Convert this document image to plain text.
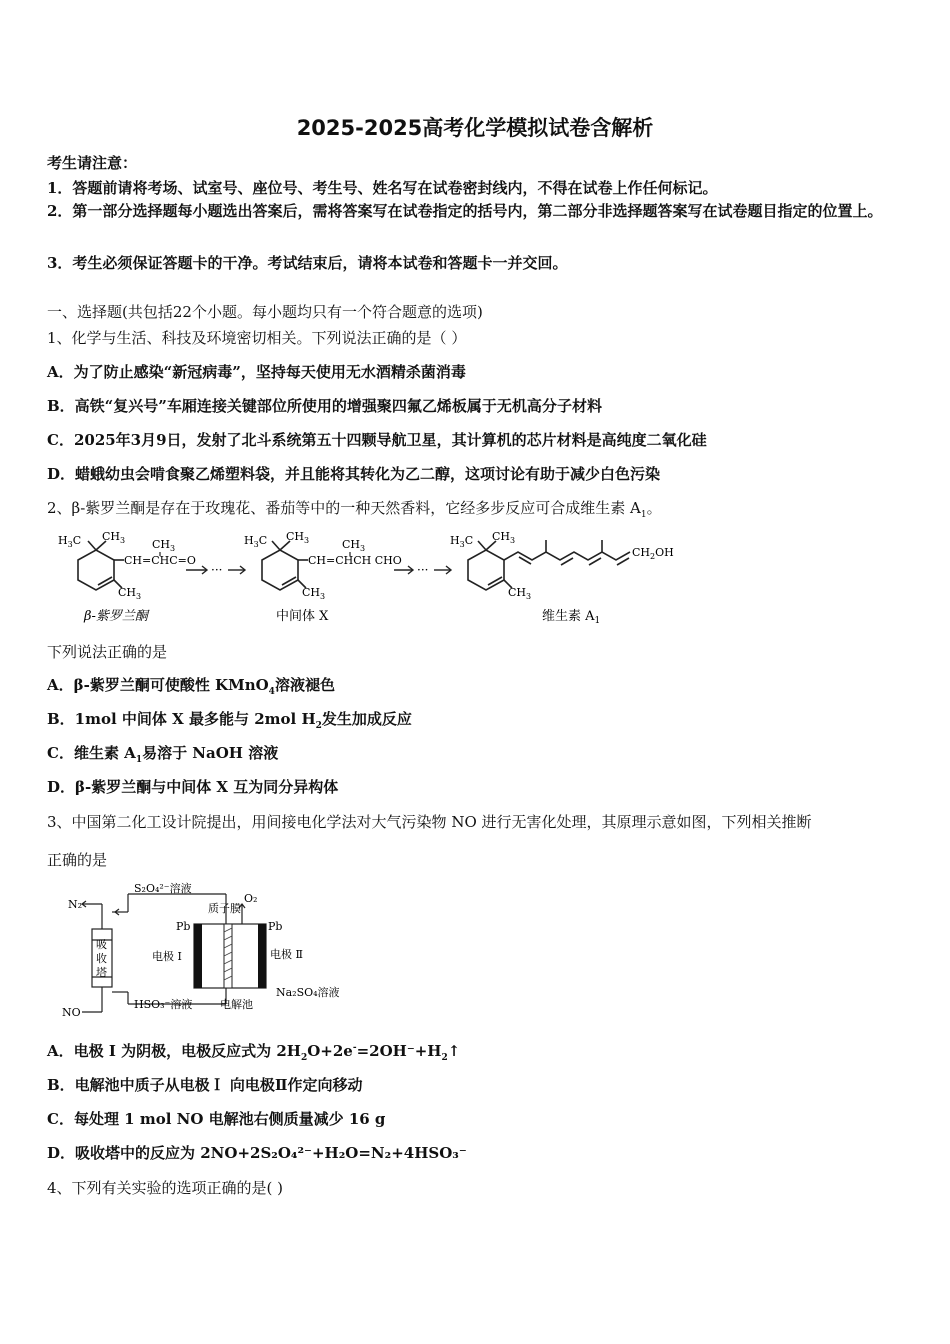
2025-2025高考化学模拟试卷含解析
考生请注意：
1．答题前请将考场、试室号、座位号、考生号、姓名写在试卷密封线内，不得在试卷上作任何标记。
2．第一部分选择题每小题选出答案后，需将答案写在试卷指定的括号内，第二部分非选择题答案写在试卷题目指定的位置上。
3．考生必须保证答题卡的干净。考试结束后，请将本试卷和答题卡一并交回。
一、选择题(共包括22个小题。每小题均只有一个符合题意的选项)
1、化学与生活、科技及环境密切相关。下列说法正确的是（ ）
A．为了防止感染“新冠病毒”，坚持每天使用无水酒精杀菌消毒
B．高铁“复兴号”车厢连接关键部位所使用的增强聚四氟乙烯板属于无机高分子材料
C．2025年3月9日，发射了北斗系统第五十四颗导航卫星，其计算机的芯片材料是高纯度二氧化硅
D．蜡蛾幼虫会啃食聚乙烯塑料袋，并且能将其转化为乙二醇，这项讨论有助于减少白色污染
2、β-紫罗兰酮是存在于玫瑰花、番茄等中的一种天然香料，它经多步反应可合成维生素 $A_1$。
$H_3C$ $CH_3$
CH=CHC=O
$CH_3$
$CH_3$
β-紫罗兰酮
···
$H_3C$ $CH_3$
CH=CHCH CHO
$CH_3$
$CH_3$
中间体 X
···
$H_3C$ $CH_3$
$CH_2OH$
$CH_3$
维生素 $A_1$
下列说法正确的是
A．β-紫罗兰酮可使酸性 KMnO$_4$溶液褪色
B．1mol 中间体 X 最多能与 2mol $H_2$发生加成反应
C．维生素 $A_1$易溶于 NaOH 溶液
D．β-紫罗兰酮与中间体 X 互为同分异构体
3、中国第二化工设计院提出，用间接电化学法对大气污染物 NO 进行无害化处理，其原理示意如图，下列相关推断
正确的是
N₂
S₂O₄²⁻溶液
O₂
质子膜
Pb	Pb
吸
收
塔
电极 Ⅰ	电极 Ⅱ
Na₂SO₄溶液
HSO₃⁻溶液	电解池
NO
A．电极 I 为阴极，电极反应式为 $2H_2O+2e^-=2OH^-+H_2↑$
B．电解池中质子从电极Ｉ 向电极Ⅱ作定向移动
C．每处理 1 mol NO 电解池右侧质量减少 16 g
D．吸收塔中的反应为 2NO+2S₂O₄²⁻+H₂O=N₂+4HSO₃⁻
4、下列有关实验的选项正确的是( )
